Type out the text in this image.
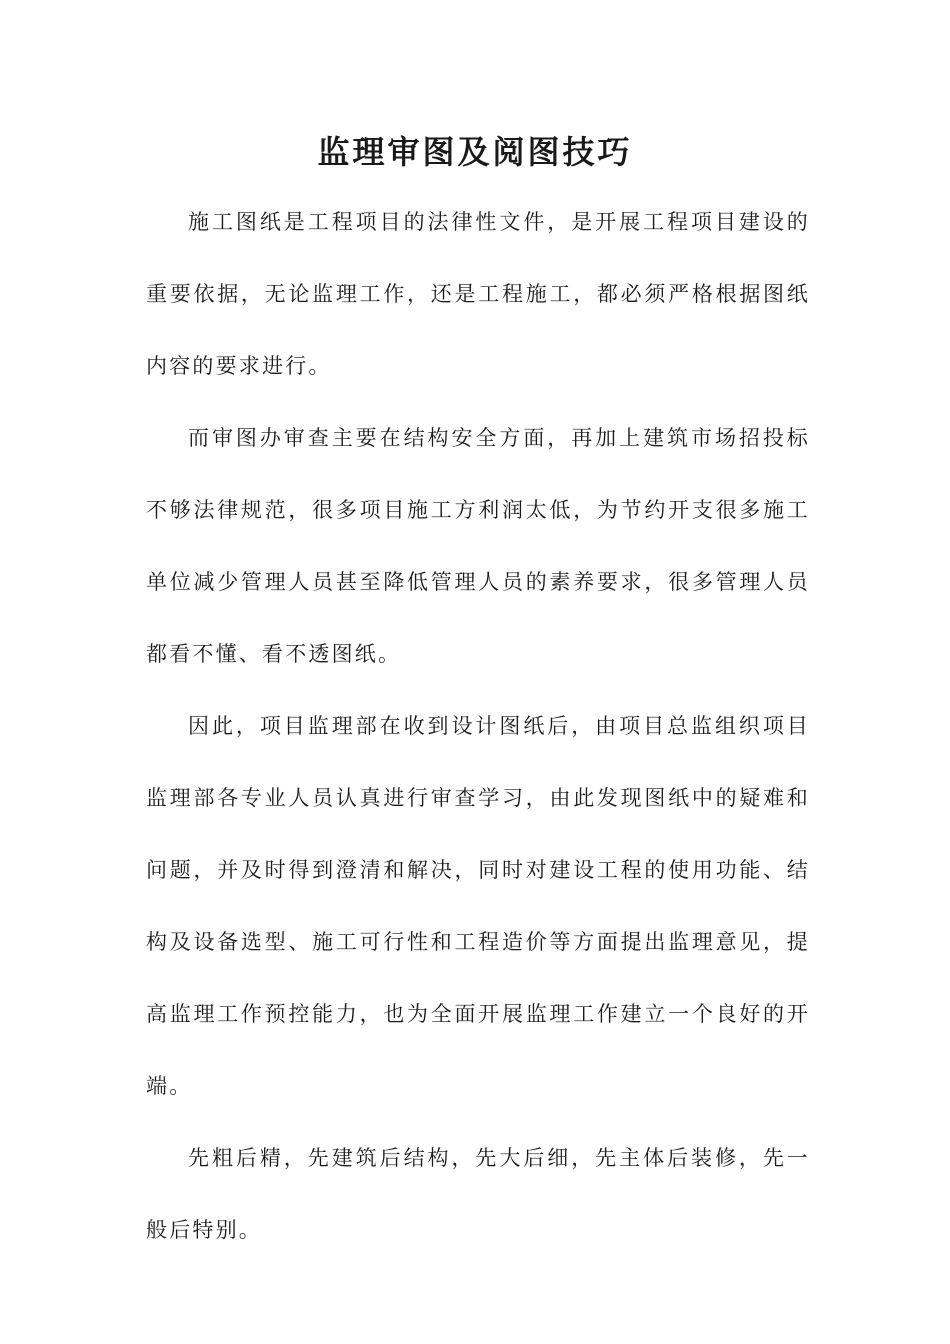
监理审图及阅图技巧

施工图纸是工程项目的法律性文件，是开展工程项目建设的重要依据，无论监理工作，还是工程施工，都必须严格根据图纸内容的要求进行。

而审图办审查主要在结构安全方面，再加上建筑市场招投标不够法律规范，很多项目施工方利润太低，为节约开支很多施工单位减少管理人员甚至降低管理人员的素养要求，很多管理人员都看不懂、看不透图纸。

因此，项目监理部在收到设计图纸后，由项目总监组织项目监理部各专业人员认真进行审查学习，由此发现图纸中的疑难和问题，并及时得到澄清和解决，同时对建设工程的使用功能、结构及设备选型、施工可行性和工程造价等方面提出监理意见，提高监理工作预控能力，也为全面开展监理工作建立一个良好的开端。

先粗后精，先建筑后结构，先大后细，先主体后装修，先一般后特别。
